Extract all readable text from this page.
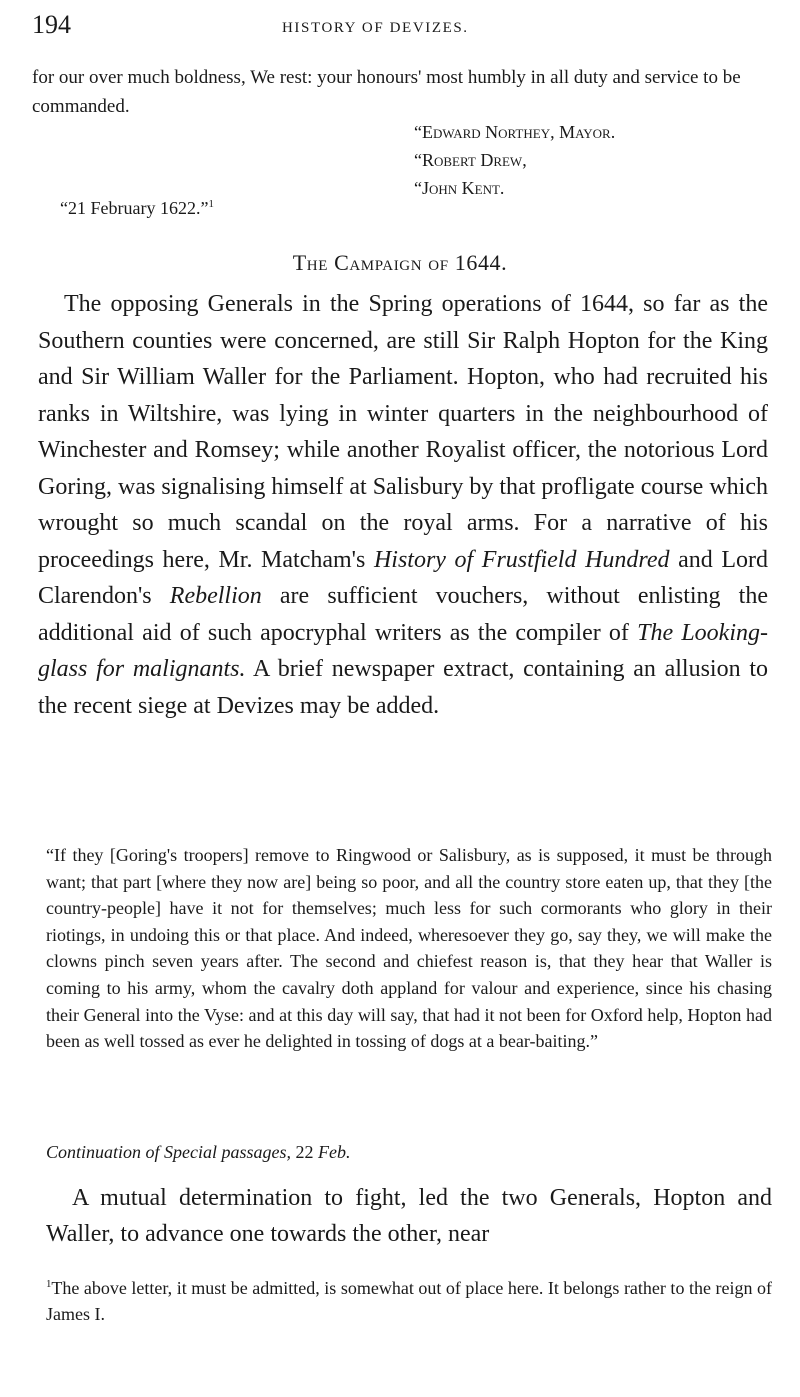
194	HISTORY OF DEVIZES.

for our over much boldness, We rest: your honours' most humbly in all duty and service to be commanded.

“Edward Northey, Mayor.

“Robert Drew,

“John Kent.

“21 February 1622.”$^1$
The Campaign of 1644.

The opposing Generals in the Spring operations of 1644, so far as the Southern counties were concerned, are still Sir Ralph Hopton for the King and Sir William Waller for the Parliament. Hopton, who had recruited his ranks in Wiltshire, was lying in winter quarters in the neighbourhood of Winchester and Romsey; while another Royalist officer, the notorious Lord Goring, was signalising himself at Salisbury by that profligate course which wrought so much scandal on the royal arms. For a narrative of his proceedings here, Mr. Matcham's History of Frustfield Hundred and Lord Clarendon's Rebellion are sufficient vouchers, without enlisting the additional aid of such apocryphal writers as the compiler of The Looking-glass for malignants. A brief newspaper extract, containing an allusion to the recent siege at Devizes may be added.

“If they [Goring's troopers] remove to Ringwood or Salisbury, as is supposed, it must be through want; that part [where they now are] being so poor, and all the country store eaten up, that they [the country-people] have it not for themselves; much less for such cormorants who glory in their riotings, in undoing this or that place. And indeed, wheresoever they go, say they, we will make the clowns pinch seven years after. The second and chiefest reason is, that they hear that Waller is coming to his army, whom the cavalry doth appland for valour and experience, since his chasing their General into the Vyse: and at this day will say, that had it not been for Oxford help, Hopton had been as well tossed as ever he delighted in tossing of dogs at a bear-baiting.”

Continuation of Special passages, 22 Feb.

A mutual determination to fight, led the two Generals, Hopton and Waller, to advance one towards the other, near

$^1$The above letter, it must be admitted, is somewhat out of place here. It belongs rather to the reign of James I.
